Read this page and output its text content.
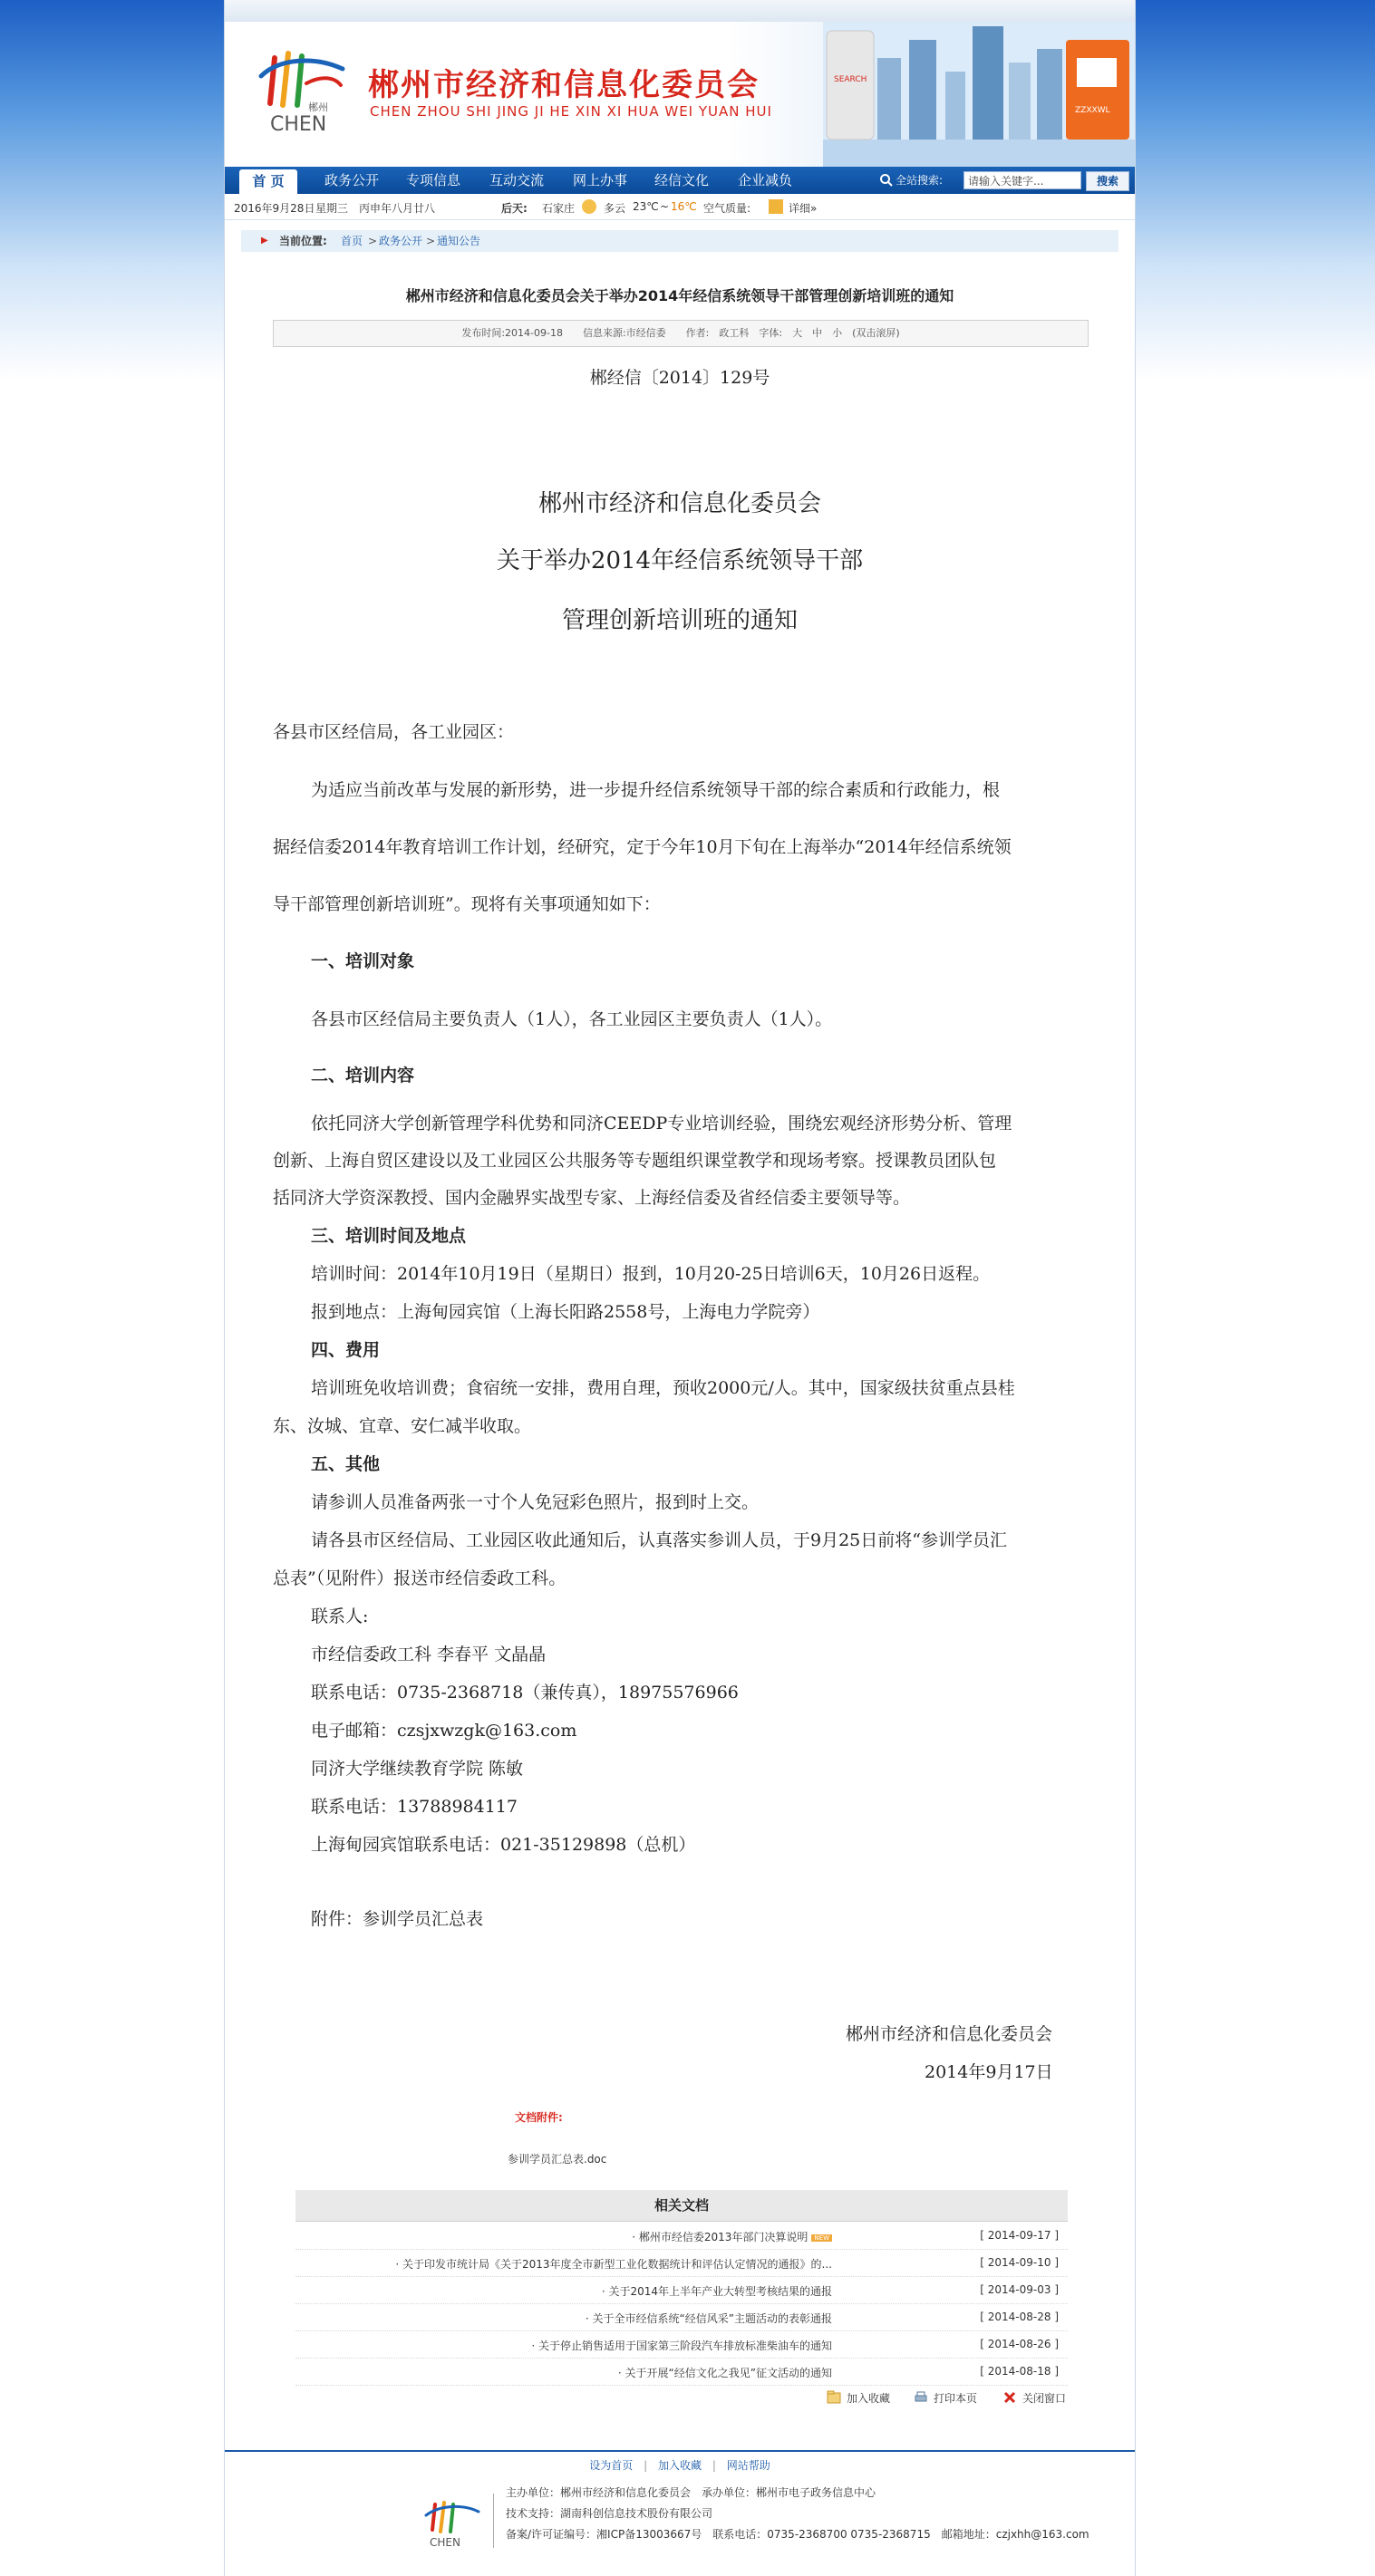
郴州
CHEN
郴州市经济和信息化委员会
CHEN ZHOU SHI JING JI HE XIN XI HUA WEI YUAN HUI
SEARCH
ZZXXWL
首 页	政务公开	专项信息	互动交流	网上办事	经信文化	企业减负	全站搜索:
请输入关键字...	搜索
2016年9月28日 星期三 丙申年八月廿八	后天: 石家庄	多云 23℃ ~ 16℃ 空气质量:	详细»
▶ 当前位置: 首页 > 政务公开 > 通知公告
郴州市经济和信息化委员会关于举办2014年经信系统领导干部管理创新培训班的通知
发布时间:2014-09-18　　信息来源:市经信委　　作者:　政工科　字体:　大　中　小　(双击滚屏)
郴经信〔2014〕129号
郴州市经济和信息化委员会
关于举办2014年经信系统领导干部
管理创新培训班的通知
各县市区经信局，各工业园区：
为适应当前改革与发展的新形势，进一步提升经信系统领导干部的综合素质和行政能力，根
据经信委2014年教育培训工作计划，经研究，定于今年10月下旬在上海举办“2014年经信系统领
导干部管理创新培训班”。现将有关事项通知如下：
一、培训对象
各县市区经信局主要负责人（1人），各工业园区主要负责人（1人）。
二、培训内容
依托同济大学创新管理学科优势和同济CEEDP专业培训经验，围绕宏观经济形势分析、管理
创新、上海自贸区建设以及工业园区公共服务等专题组织课堂教学和现场考察。授课教员团队包
括同济大学资深教授、国内金融界实战型专家、上海经信委及省经信委主要领导等。
三、培训时间及地点
培训时间：2014年10月19日（星期日）报到，10月20-25日培训6天，10月26日返程。
报到地点：上海甸园宾馆（上海长阳路2558号，上海电力学院旁）
四、费用
培训班免收培训费；食宿统一安排，费用自理，预收2000元/人。其中，国家级扶贫重点县桂
东、汝城、宜章、安仁减半收取。
五、其他
请参训人员准备两张一寸个人免冠彩色照片，报到时上交。
请各县市区经信局、工业园区收此通知后，认真落实参训人员，于9月25日前将“参训学员汇
总表”（见附件）报送市经信委政工科。
联系人:
市经信委政工科 李春平 文晶晶
联系电话：0735-2368718（兼传真），18975576966
电子邮箱：czsjxwzgk@163.com
同济大学继续教育学院 陈敏
联系电话：13788984117
上海甸园宾馆联系电话：021-35129898（总机）
附件：参训学员汇总表
郴州市经济和信息化委员会
2014年9月17日
文档附件:
参训学员汇总表.doc
相关文档
· 郴州市经信委2013年部门决算说明 NEW	[ 2014-09-17 ]
· 关于印发市统计局《关于2013年度全市新型工业化数据统计和评估认定情况的通报》的...	[ 2014-09-10 ]
· 关于2014年上半年产业大转型考核结果的通报	[ 2014-09-03 ]
· 关于全市经信系统“经信风采”主题活动的表彰通报	[ 2014-08-28 ]
· 关于停止销售适用于国家第三阶段汽车排放标准柴油车的通知	[ 2014-08-26 ]
· 关于开展“经信文化之我见”征文活动的通知	[ 2014-08-18 ]
加入收藏	打印本页	关闭窗口
设为首页 | 加入收藏 | 网站帮助
CHEN
主办单位：郴州市经济和信息化委员会　承办单位：郴州市电子政务信息中心
技术支持：湖南科创信息技术股份有限公司
备案/许可证编号：湘ICP备13003667号　联系电话：0735-2368700 0735-2368715　邮箱地址：czjxhh@163.com
